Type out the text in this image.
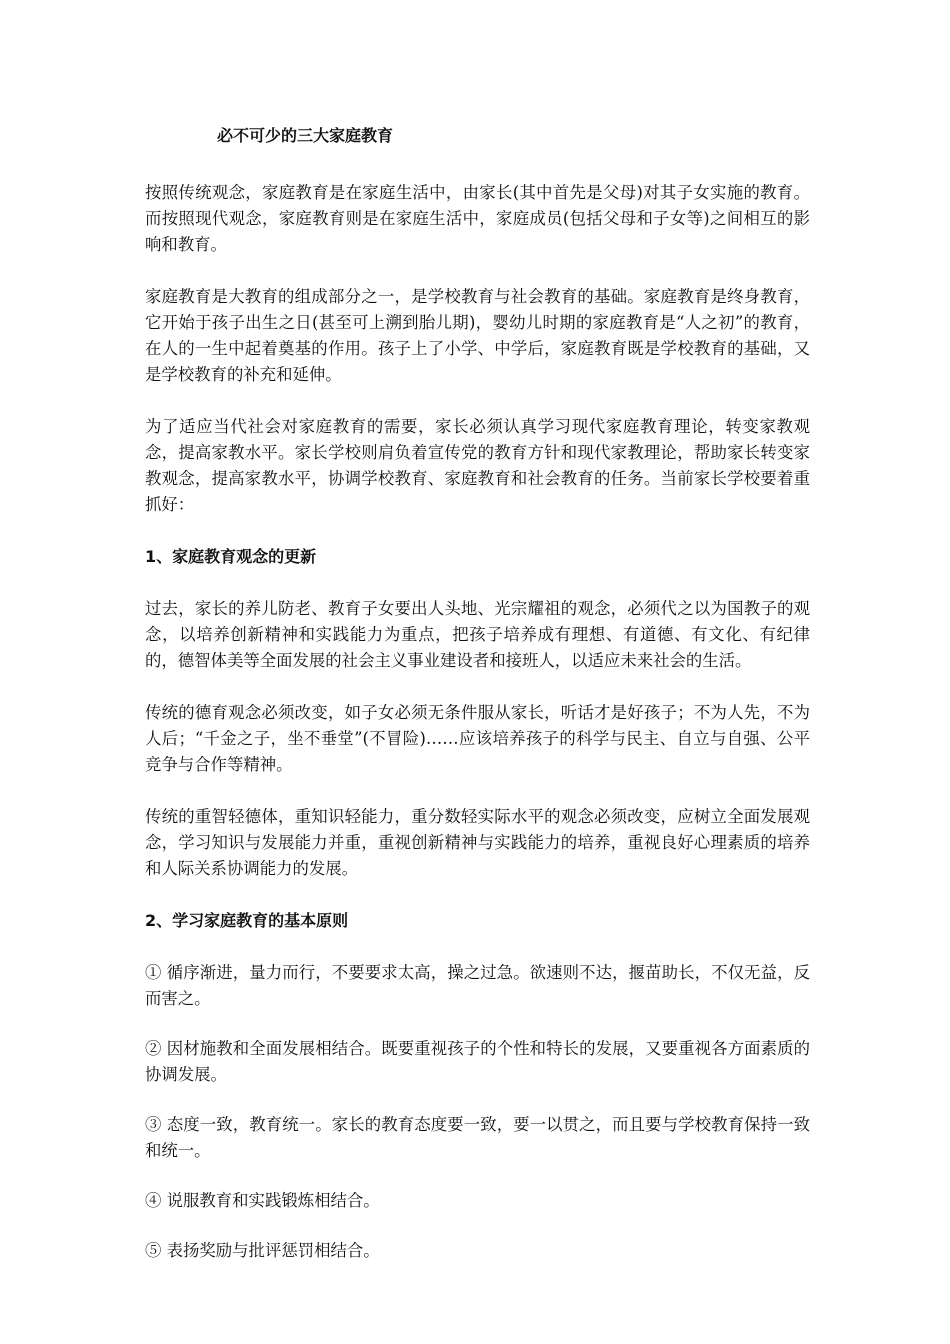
必不可少的三大家庭教育

按照传统观念，家庭教育是在家庭生活中，由家长(其中首先是父母)对其子女实施的教育。而按照现代观念，家庭教育则是在家庭生活中，家庭成员(包括父母和子女等)之间相互的影响和教育。

家庭教育是大教育的组成部分之一，是学校教育与社会教育的基础。家庭教育是终身教育，它开始于孩子出生之日(甚至可上溯到胎儿期)，婴幼儿时期的家庭教育是“人之初”的教育，在人的一生中起着奠基的作用。孩子上了小学、中学后，家庭教育既是学校教育的基础，又是学校教育的补充和延伸。

为了适应当代社会对家庭教育的需要，家长必须认真学习现代家庭教育理论，转变家教观念，提高家教水平。家长学校则肩负着宣传党的教育方针和现代家教理论，帮助家长转变家教观念，提高家教水平，协调学校教育、家庭教育和社会教育的任务。当前家长学校要着重抓好：

1、家庭教育观念的更新

过去，家长的养儿防老、教育子女要出人头地、光宗耀祖的观念，必须代之以为国教子的观念，以培养创新精神和实践能力为重点，把孩子培养成有理想、有道德、有文化、有纪律的，德智体美等全面发展的社会主义事业建设者和接班人，以适应未来社会的生活。

传统的德育观念必须改变，如子女必须无条件服从家长，听话才是好孩子；不为人先，不为人后；“千金之子，坐不垂堂”(不冒险)……应该培养孩子的科学与民主、自立与自强、公平竞争与合作等精神。

传统的重智轻德体，重知识轻能力，重分数轻实际水平的观念必须改变，应树立全面发展观念，学习知识与发展能力并重，重视创新精神与实践能力的培养，重视良好心理素质的培养和人际关系协调能力的发展。

2、学习家庭教育的基本原则

① 循序渐进，量力而行，不要要求太高，操之过急。欲速则不达，揠苗助长，不仅无益，反而害之。

② 因材施教和全面发展相结合。既要重视孩子的个性和特长的发展，又要重视各方面素质的协调发展。

③ 态度一致，教育统一。家长的教育态度要一致，要一以贯之，而且要与学校教育保持一致和统一。

④ 说服教育和实践锻炼相结合。

⑤ 表扬奖励与批评惩罚相结合。
